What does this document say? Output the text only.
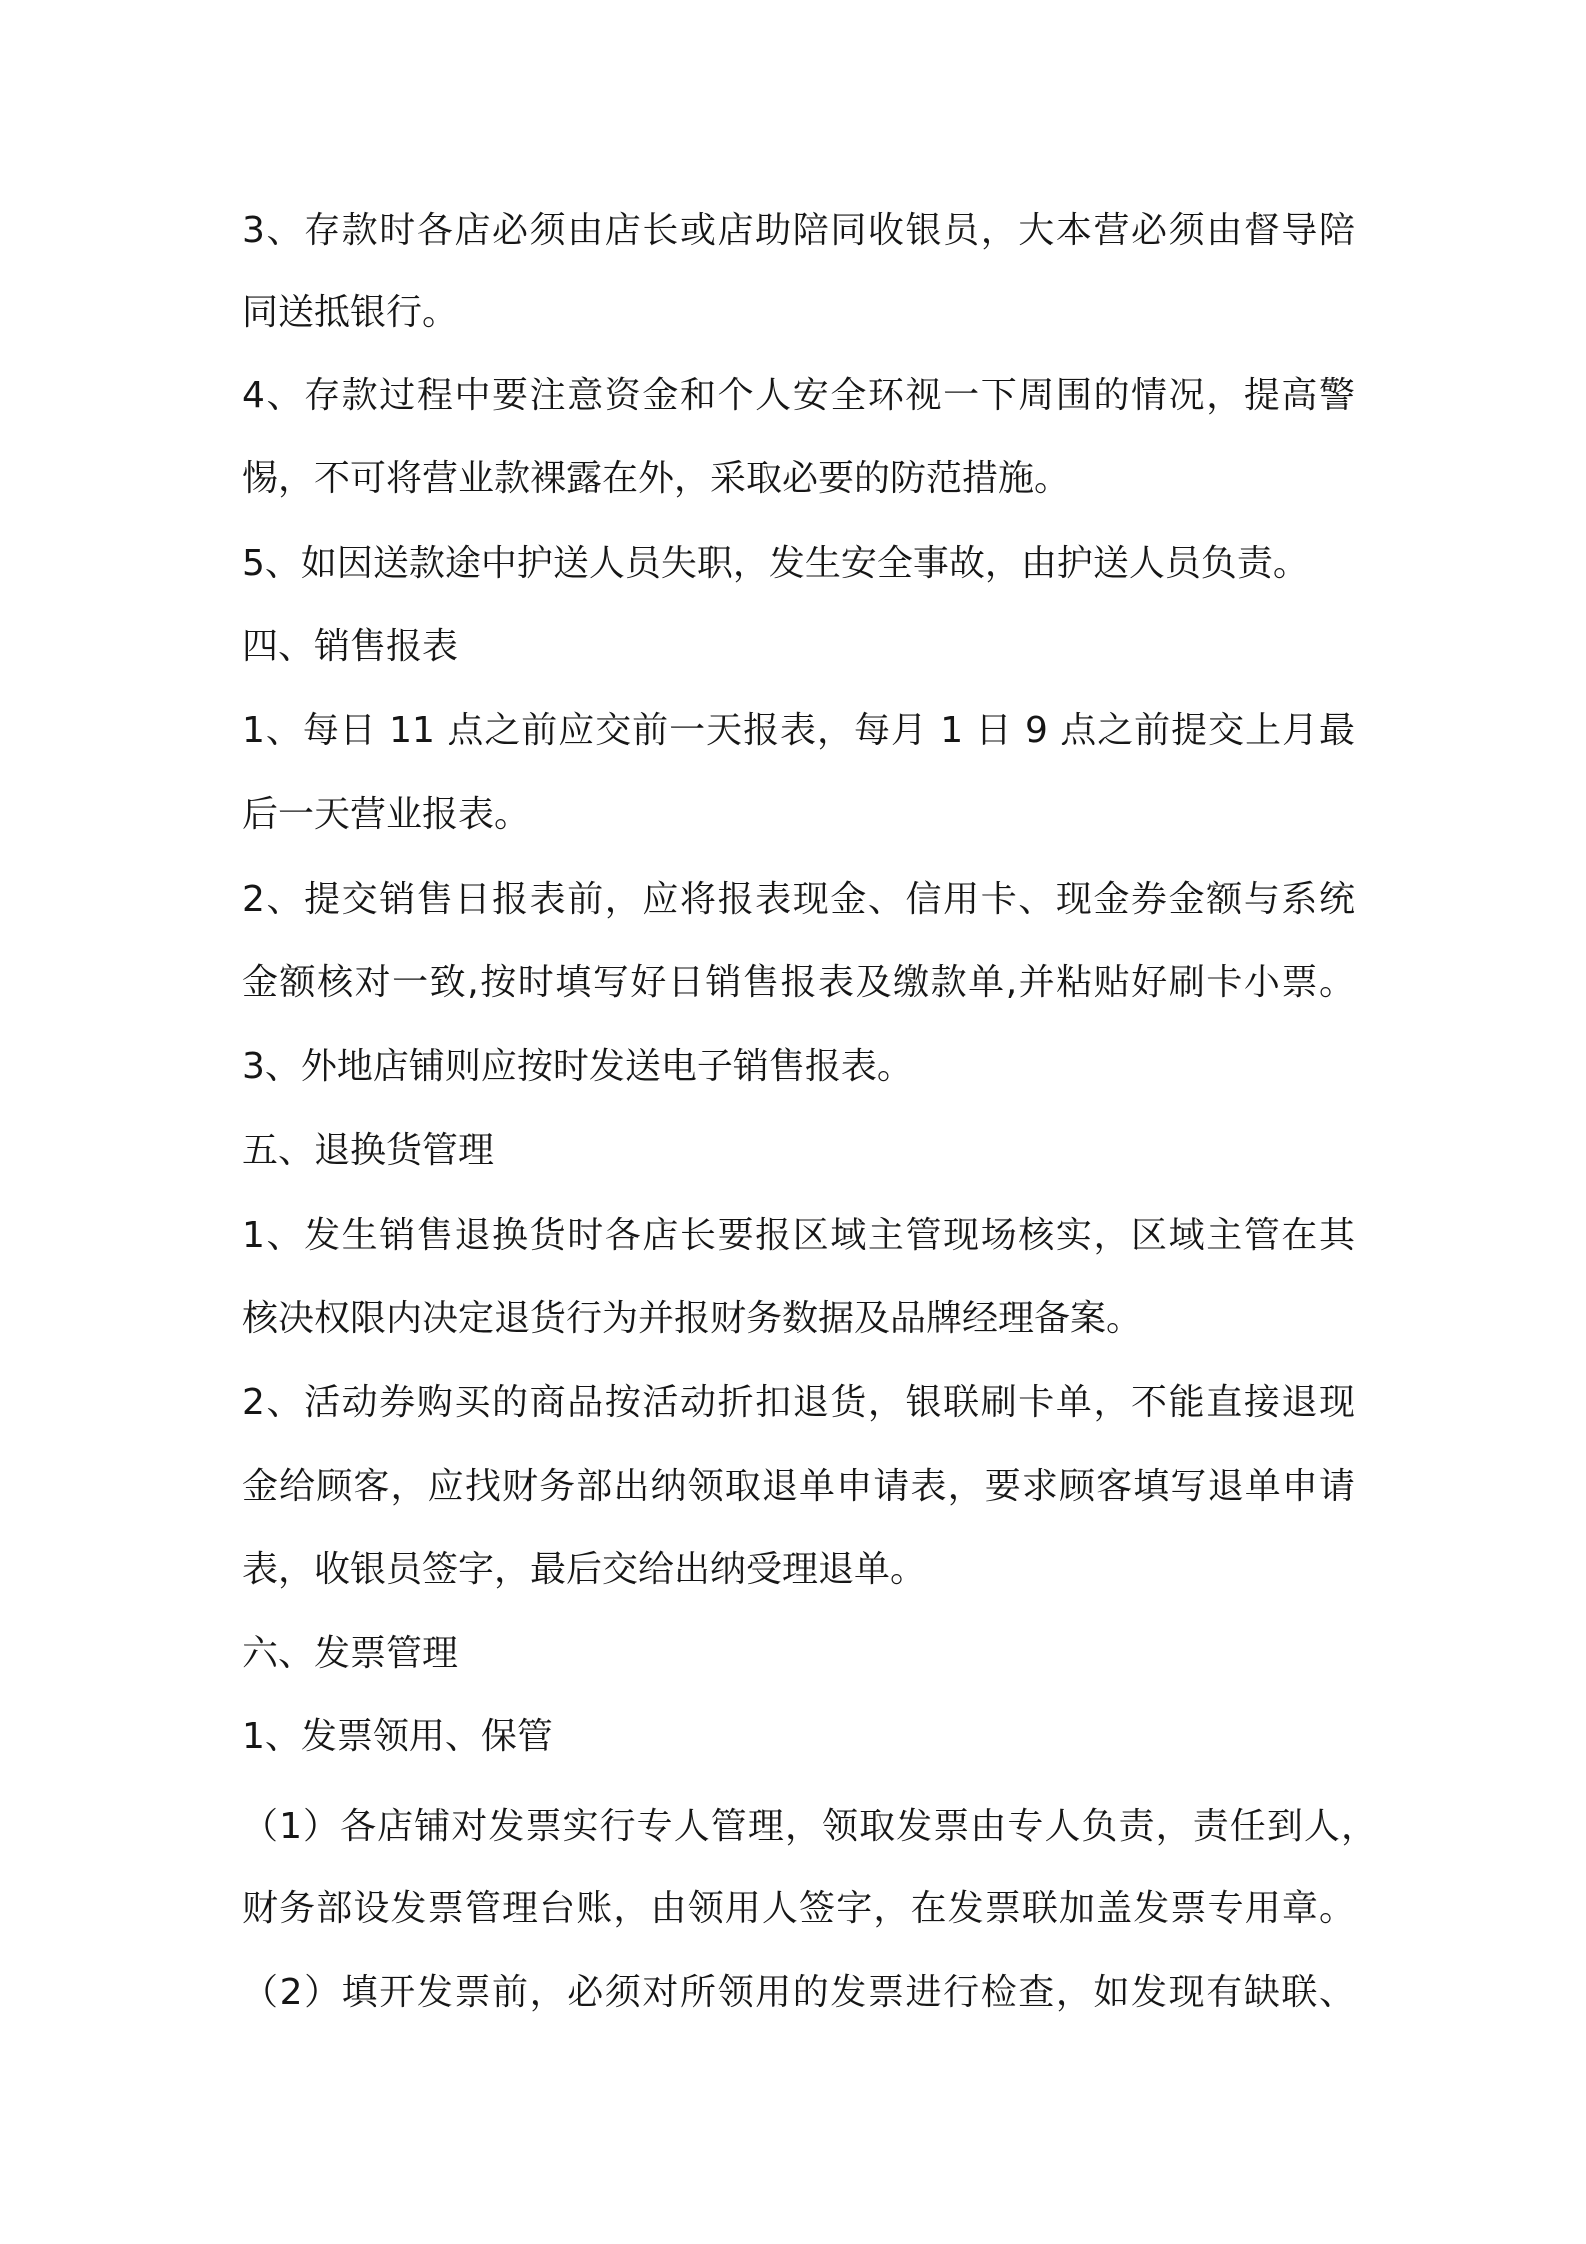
3、存款时各店必须由店长或店助陪同收银员，大本营必须由督导陪
同送抵银行。
4、存款过程中要注意资金和个人安全环视一下周围的情况，提高警
惕，不可将营业款裸露在外，采取必要的防范措施。
5、如因送款途中护送人员失职，发生安全事故，由护送人员负责。
四、销售报表
1、每日 11 点之前应交前一天报表，每月 1 日 9 点之前提交上月最
后一天营业报表。
2、提交销售日报表前，应将报表现金、信用卡、现金券金额与系统
金额核对一致,按时填写好日销售报表及缴款单,并粘贴好刷卡小票。
3、外地店铺则应按时发送电子销售报表。
五、退换货管理
1、发生销售退换货时各店长要报区域主管现场核实，区域主管在其
核决权限内决定退货行为并报财务数据及品牌经理备案。
2、活动券购买的商品按活动折扣退货，银联刷卡单，不能直接退现
金给顾客，应找财务部出纳领取退单申请表，要求顾客填写退单申请
表，收银员签字，最后交给出纳受理退单。
六、发票管理
1、发票领用、保管
（1）各店铺对发票实行专人管理，领取发票由专人负责，责任到人，
财务部设发票管理台账，由领用人签字，在发票联加盖发票专用章。
（2）填开发票前，必须对所领用的发票进行检查，如发现有缺联、
